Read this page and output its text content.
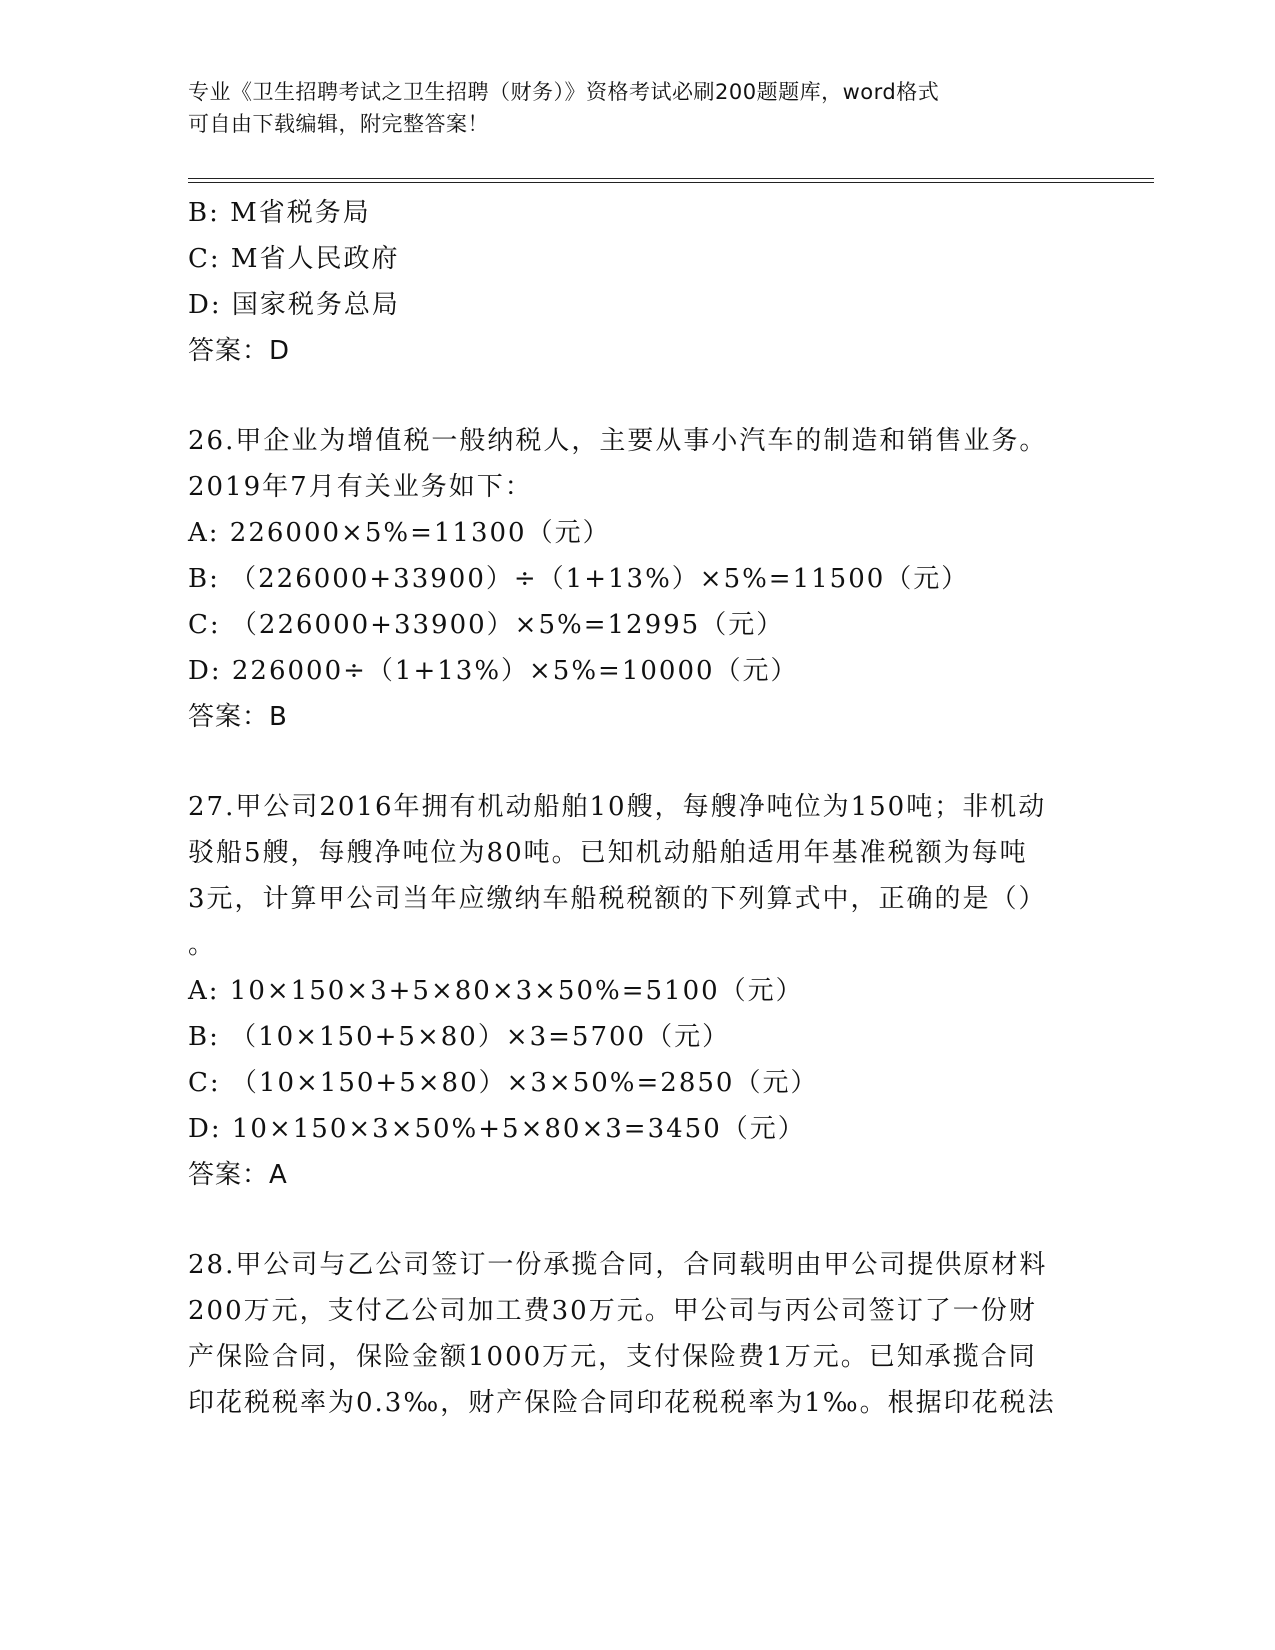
专业《卫生招聘考试之卫生招聘（财务）》资格考试必刷200题题库，word格式
可自由下载编辑，附完整答案！
B: M省税务局
C: M省人民政府
D: 国家税务总局
答案：D
26.甲企业为增值税一般纳税人，主要从事小汽车的制造和销售业务。
2019年7月有关业务如下：
A: 226000×5%=11300（元）
B: （226000+33900）÷（1+13%）×5%=11500（元）
C: （226000+33900）×5%=12995（元）
D: 226000÷（1+13%）×5%=10000（元）
答案：B
27.甲公司2016年拥有机动船舶10艘，每艘净吨位为150吨；非机动
驳船5艘，每艘净吨位为80吨。已知机动船舶适用年基准税额为每吨
3元，计算甲公司当年应缴纳车船税税额的下列算式中，正确的是（）
。
A: 10×150×3+5×80×3×50%=5100（元）
B: （10×150+5×80）×3=5700（元）
C: （10×150+5×80）×3×50%=2850（元）
D: 10×150×3×50%+5×80×3=3450（元）
答案：A
28.甲公司与乙公司签订一份承揽合同，合同载明由甲公司提供原材料
200万元，支付乙公司加工费30万元。甲公司与丙公司签订了一份财
产保险合同，保险金额1000万元，支付保险费1万元。已知承揽合同
印花税税率为0.3‰，财产保险合同印花税税率为1‰。根据印花税法
